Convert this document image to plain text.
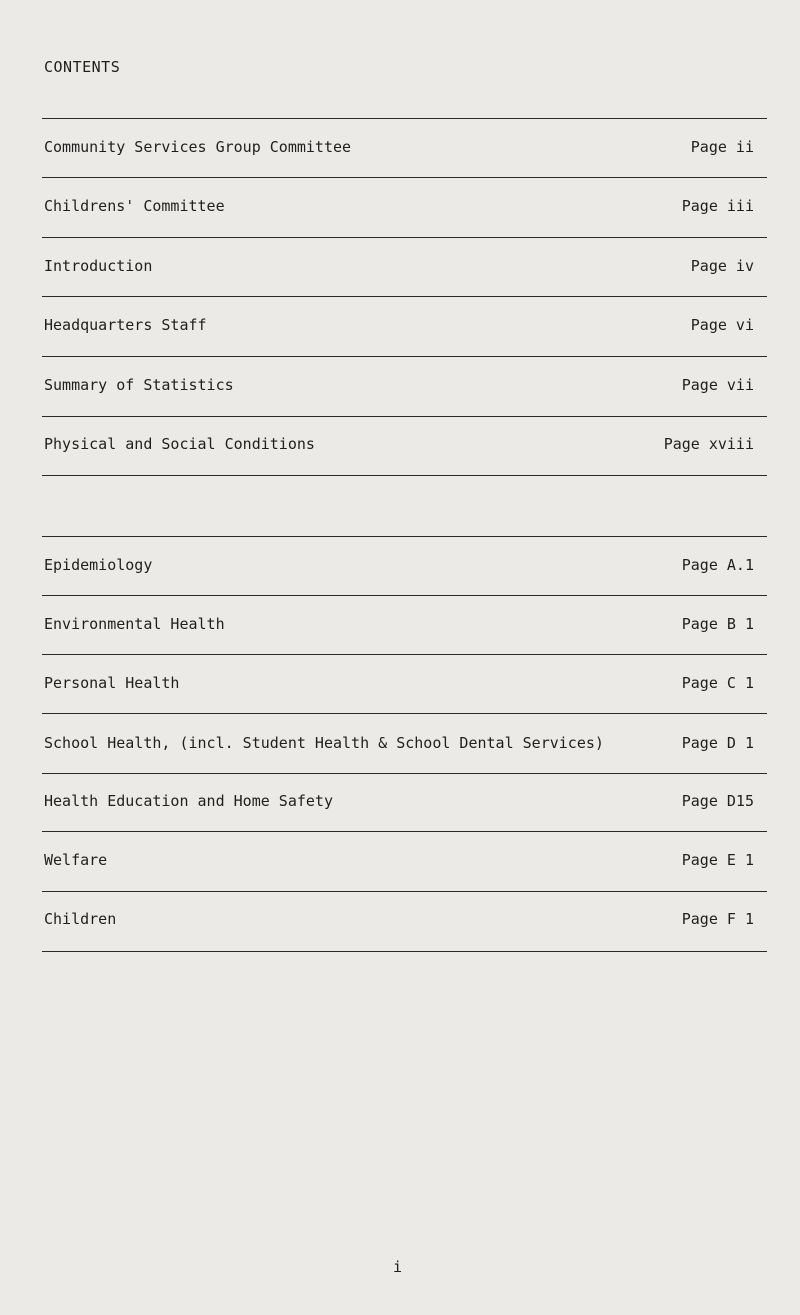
CONTENTS
Community Services Group Committee	Page ii
Childrens' Committee	Page iii
Introduction	Page iv
Headquarters Staff	Page vi
Summary of Statistics	Page vii
Physical and Social Conditions	Page xviii
Epidemiology	Page A.1
Environmental Health	Page B 1
Personal Health	Page C 1
School Health, (incl. Student Health & School Dental Services)	Page D 1
Health Education and Home Safety	Page D15
Welfare	Page E 1
Children	Page F 1
i
